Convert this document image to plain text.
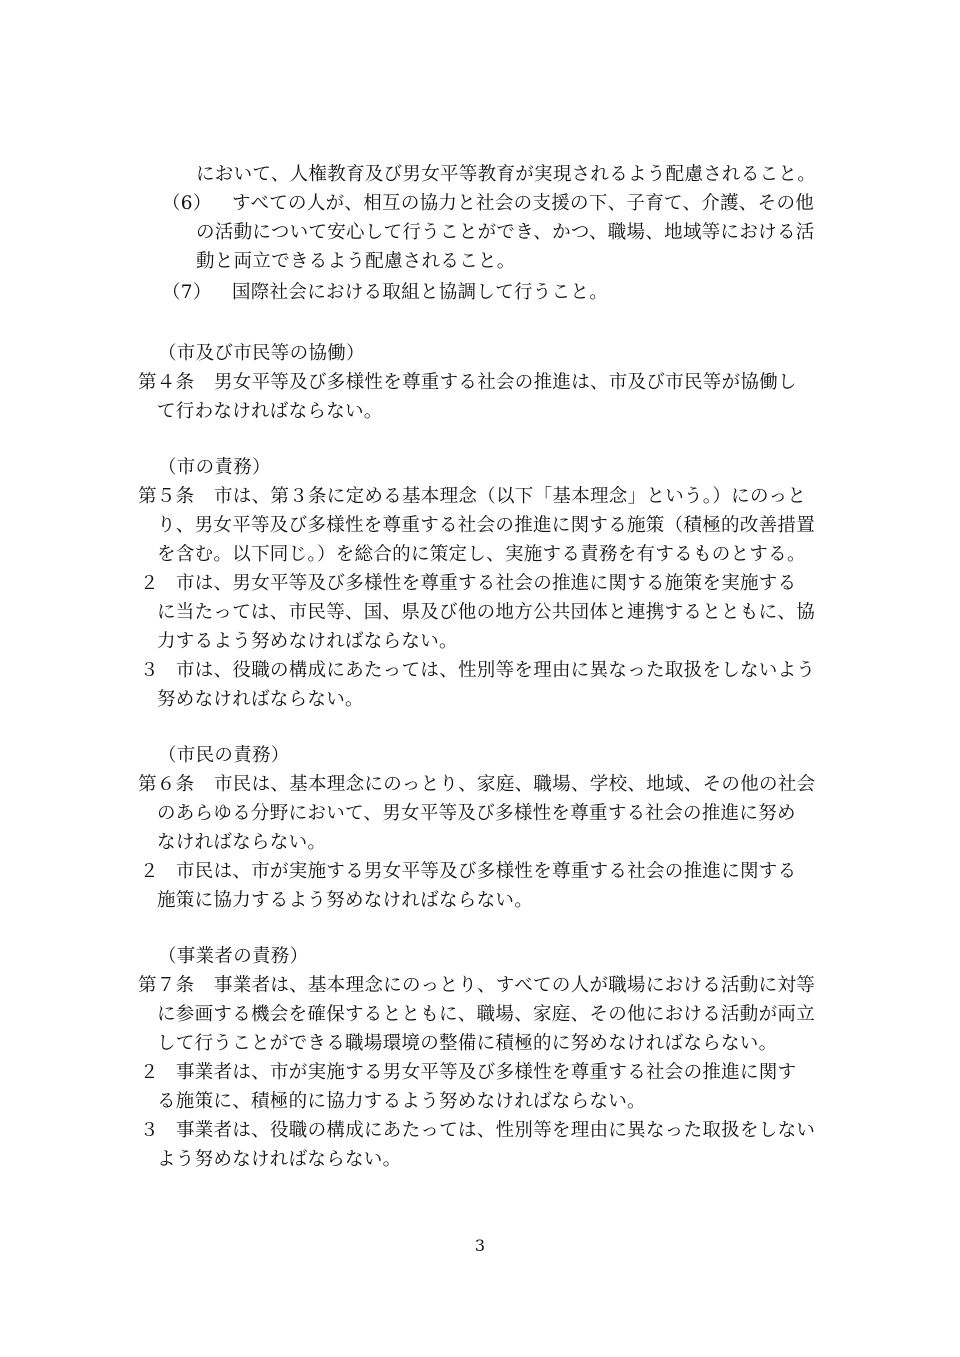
において、人権教育及び男女平等教育が実現されるよう配慮されること。
（6） すべての人が、相互の協力と社会の支援の下、子育て、介護、その他
の活動について安心して行うことができ、かつ、職場、地域等における活
動と両立できるよう配慮されること。
（7） 国際社会における取組と協調して行うこと。
（市及び市民等の協働）
第４条 男女平等及び多様性を尊重する社会の推進は、市及び市民等が協働し
て行わなければならない。
（市の責務）
第５条 市は、第３条に定める基本理念（以下「基本理念」という。）にのっと
り、男女平等及び多様性を尊重する社会の推進に関する施策（積極的改善措置
を含む。以下同じ。）を総合的に策定し、実施する責務を有するものとする。
２ 市は、男女平等及び多様性を尊重する社会の推進に関する施策を実施する
に当たっては、市民等、国、県及び他の地方公共団体と連携するとともに、協
力するよう努めなければならない。
３ 市は、役職の構成にあたっては、性別等を理由に異なった取扱をしないよう
努めなければならない。
（市民の責務）
第６条 市民は、基本理念にのっとり、家庭、職場、学校、地域、その他の社会
のあらゆる分野において、男女平等及び多様性を尊重する社会の推進に努め
なければならない。
２ 市民は、市が実施する男女平等及び多様性を尊重する社会の推進に関する
施策に協力するよう努めなければならない。
（事業者の責務）
第７条 事業者は、基本理念にのっとり、すべての人が職場における活動に対等
に参画する機会を確保するとともに、職場、家庭、その他における活動が両立
して行うことができる職場環境の整備に積極的に努めなければならない。
２ 事業者は、市が実施する男女平等及び多様性を尊重する社会の推進に関す
る施策に、積極的に協力するよう努めなければならない。
３ 事業者は、役職の構成にあたっては、性別等を理由に異なった取扱をしない
よう努めなければならない。
3
